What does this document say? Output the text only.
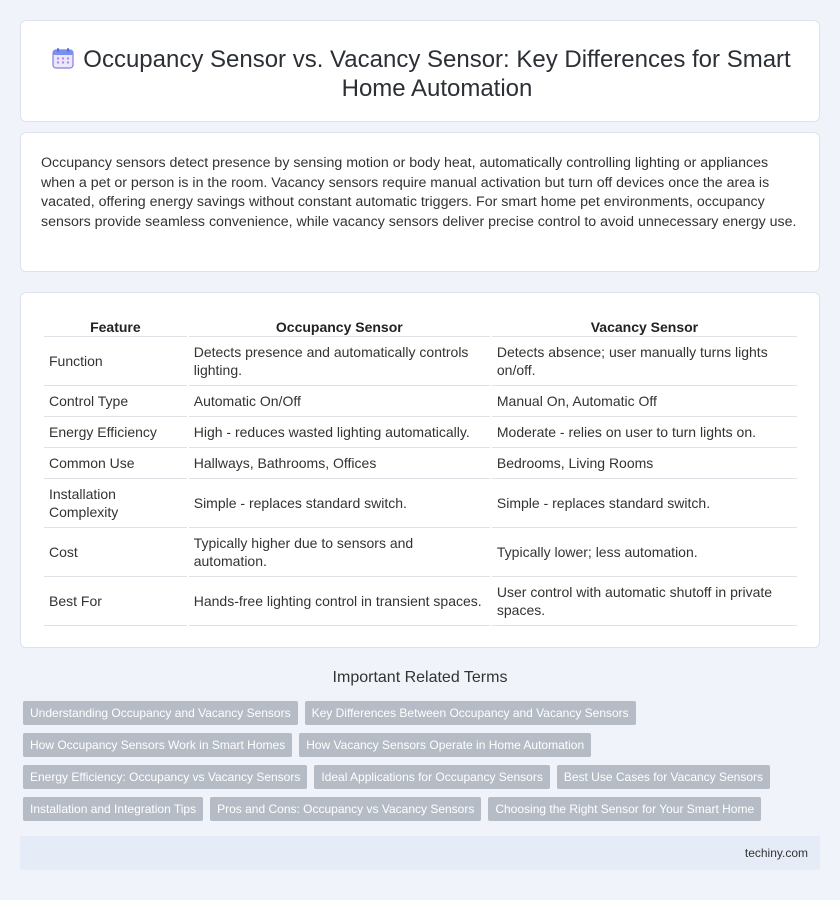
Occupancy Sensor vs. Vacancy Sensor: Key Differences for Smart Home Automation

Occupancy sensors detect presence by sensing motion or body heat, automatically controlling lighting or appliances when a pet or person is in the room. Vacancy sensors require manual activation but turn off devices once the area is vacated, offering energy savings without constant automatic triggers. For smart home pet environments, occupancy sensors provide seamless convenience, while vacancy sensors deliver precise control to avoid unnecessary energy use.

Feature	Occupancy Sensor	Vacancy Sensor
Function	Detects presence and automatically controls lighting.	Detects absence; user manually turns lights on/off.
Control Type	Automatic On/Off	Manual On, Automatic Off
Energy Efficiency	High - reduces wasted lighting automatically.	Moderate - relies on user to turn lights on.
Common Use	Hallways, Bathrooms, Offices	Bedrooms, Living Rooms
Installation Complexity	Simple - replaces standard switch.	Simple - replaces standard switch.
Cost	Typically higher due to sensors and automation.	Typically lower; less automation.
Best For	Hands-free lighting control in transient spaces.	User control with automatic shutoff in private spaces.
Important Related Terms
Understanding Occupancy and Vacancy Sensors	Key Differences Between Occupancy and Vacancy Sensors
How Occupancy Sensors Work in Smart Homes	How Vacancy Sensors Operate in Home Automation
Energy Efficiency: Occupancy vs Vacancy Sensors	Ideal Applications for Occupancy Sensors	Best Use Cases for Vacancy Sensors
Installation and Integration Tips	Pros and Cons: Occupancy vs Vacancy Sensors	Choosing the Right Sensor for Your Smart Home
techiny.com
